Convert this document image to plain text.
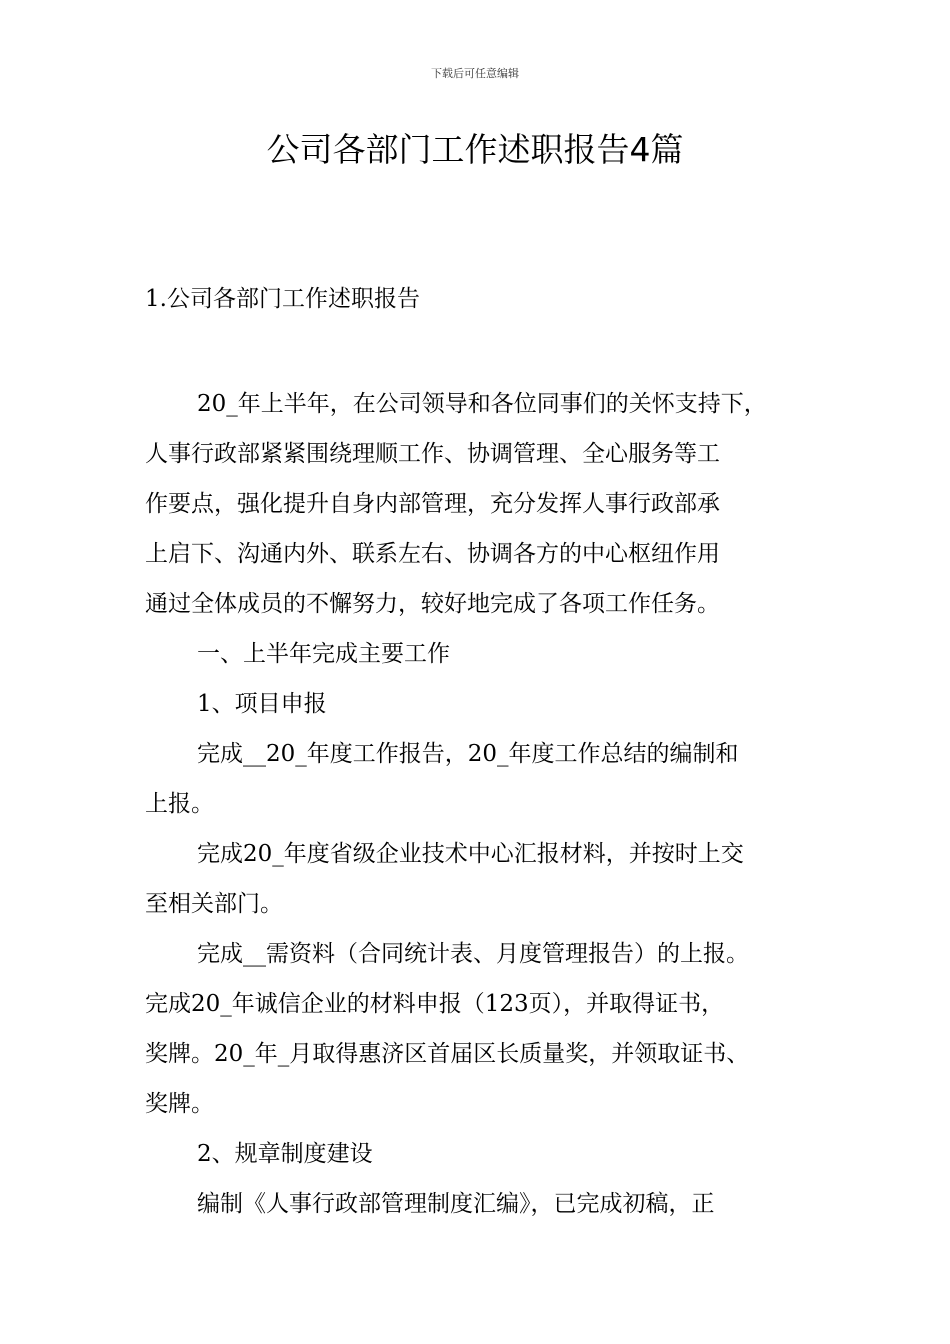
下载后可任意编辑
公司各部门工作述职报告4篇
1.公司各部门工作述职报告

20_年上半年，在公司领导和各位同事们的关怀支持下，

人事行政部紧紧围绕理顺工作、协调管理、全心服务等工

作要点，强化提升自身内部管理，充分发挥人事行政部承

上启下、沟通内外、联系左右、协调各方的中心枢纽作用

通过全体成员的不懈努力，较好地完成了各项工作任务。

一、上半年完成主要工作

1、项目申报

完成__20_年度工作报告，20_年度工作总结的编制和

上报。

完成20_年度省级企业技术中心汇报材料，并按时上交

至相关部门。

完成__需资料（合同统计表、月度管理报告）的上报。

完成20_年诚信企业的材料申报（123页），并取得证书，

奖牌。20_年_月取得惠济区首届区长质量奖，并领取证书、

奖牌。

2、规章制度建设

编制《人事行政部管理制度汇编》，已完成初稿，正
